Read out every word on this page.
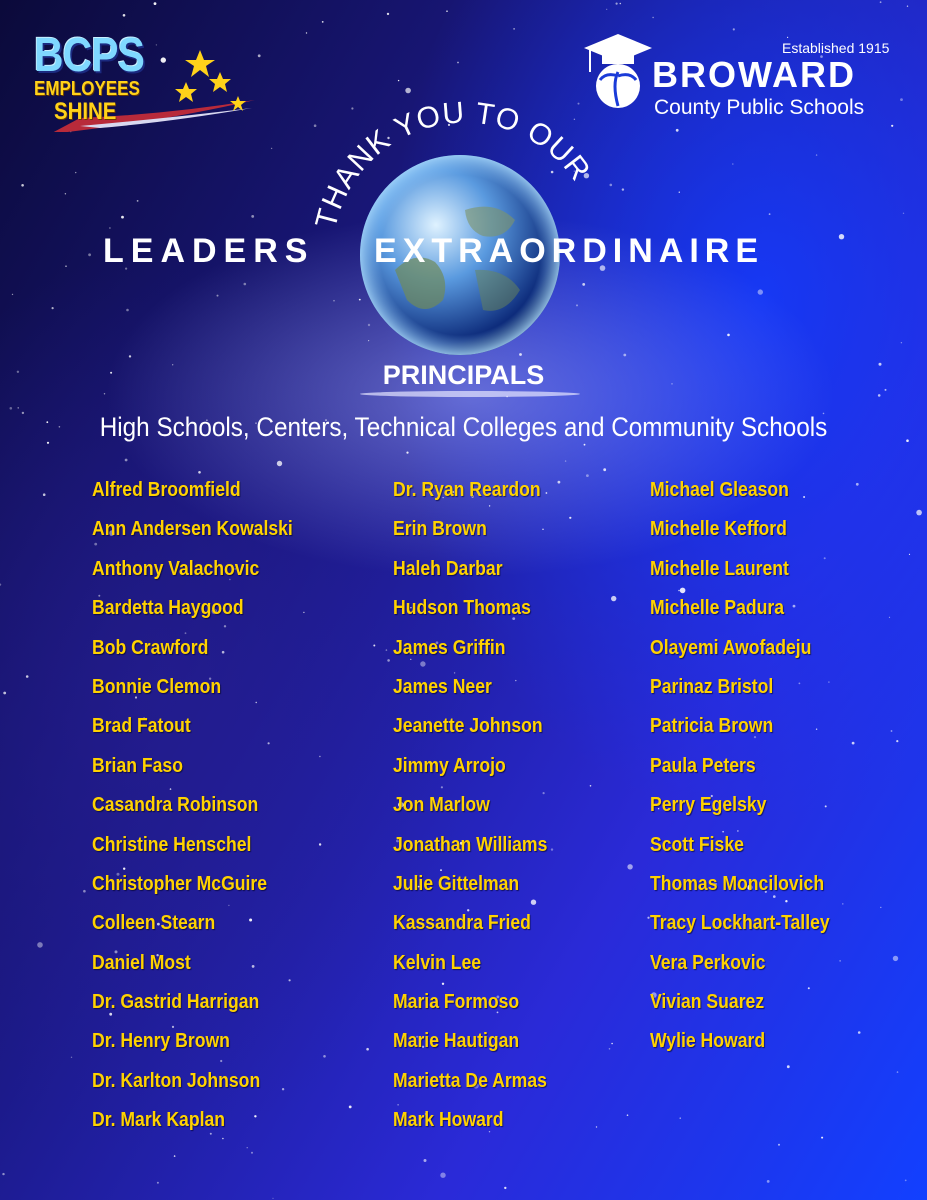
BCPS
EMPLOYEES
SHINE
Established 1915
BROWARD
County Public Schools
THANK YOU TO OUR
LEADERS EXTRAORDINAIRE
PRINCIPALS
High Schools, Centers, Technical Colleges and Community Schools
Alfred Broomfield
Ann Andersen Kowalski
Anthony Valachovic
Bardetta Haygood
Bob Crawford
Bonnie Clemon
Brad Fatout
Brian Faso
Casandra Robinson
Christine Henschel
Christopher McGuire
Colleen Stearn
Daniel Most
Dr. Gastrid Harrigan
Dr. Henry Brown
Dr. Karlton Johnson
Dr. Mark Kaplan
Dr. Ryan Reardon
Erin Brown
Haleh Darbar
Hudson Thomas
James Griffin
James Neer
Jeanette Johnson
Jimmy Arrojo
Jon Marlow
Jonathan Williams
Julie Gittelman
Kassandra Fried
Kelvin Lee
Maria Formoso
Marie Hautigan
Marietta De Armas
Mark Howard
Michael Gleason
Michelle Kefford
Michelle Laurent
Michelle Padura
Olayemi Awofadeju
Parinaz Bristol
Patricia Brown
Paula Peters
Perry Egelsky
Scott Fiske
Thomas Moncilovich
Tracy Lockhart-Talley
Vera Perkovic
Vivian Suarez
Wylie Howard
